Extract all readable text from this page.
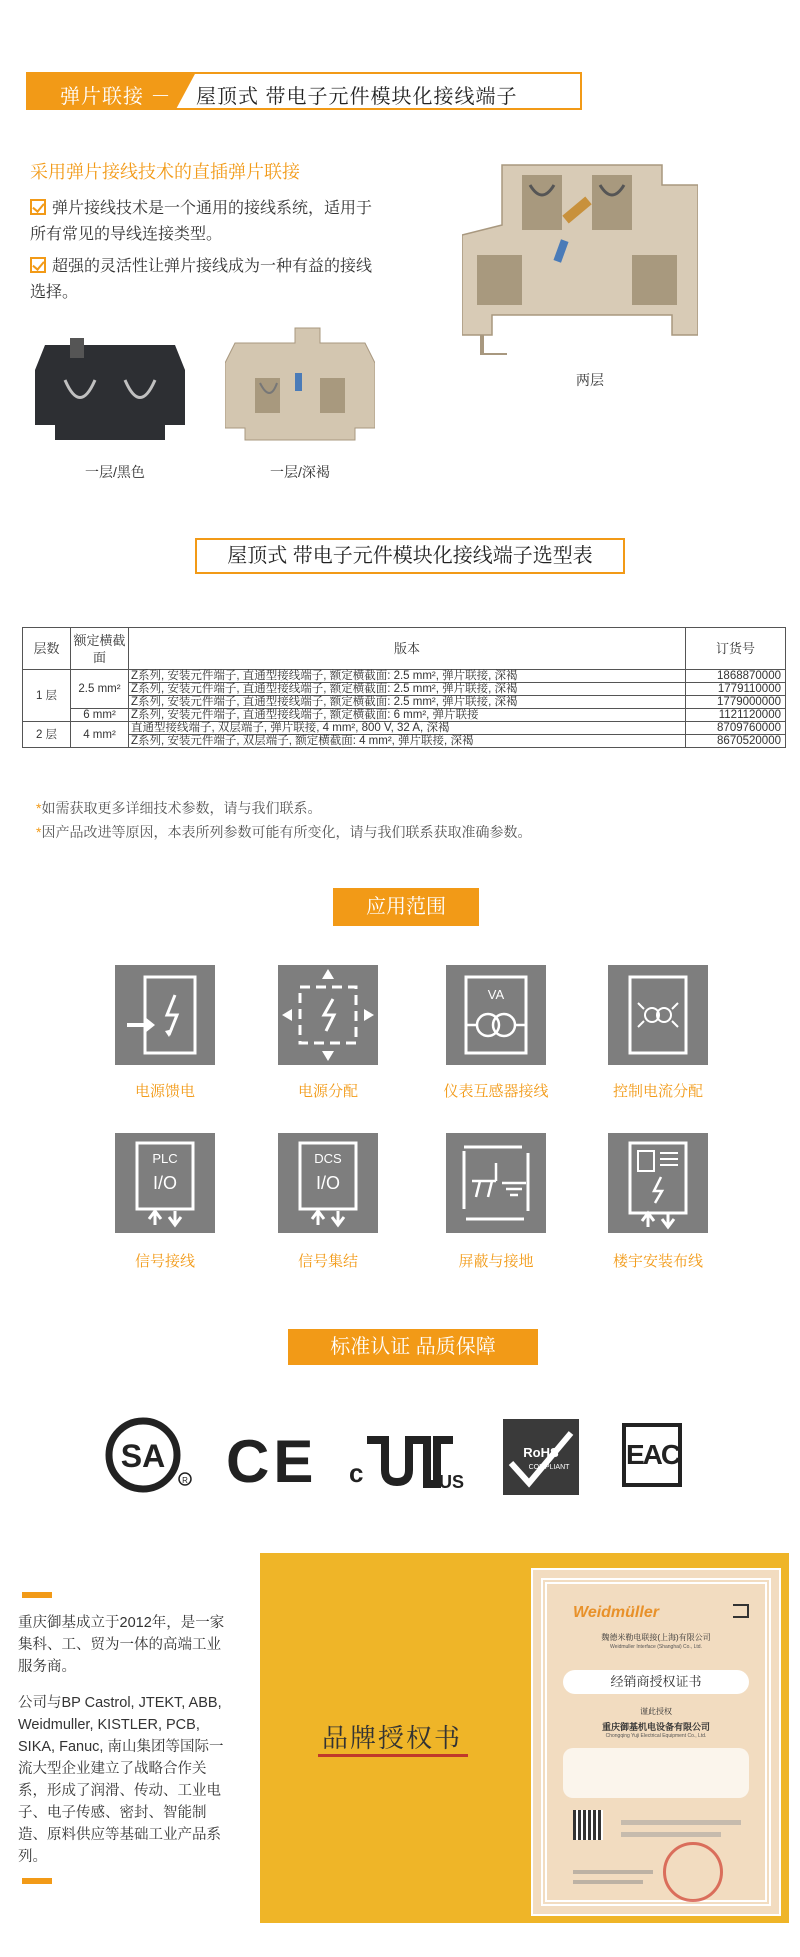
弹片联接 － 屋顶式 带电子元件模块化接线端子
采用弹片接线技术的直插弹片联接
弹片接线技术是一个通用的接线系统，适用于所有常见的导线连接类型。
超强的灵活性让弹片接线成为一种有益的接线选择。
两层
一层/黑色	一层/深褐
屋顶式 带电子元件模块化接线端子选型表
层数	额定横截面	版本	订货号
1 层	2.5 mm²	Z系列, 安装元件端子, 直通型接线端子, 额定横截面: 2.5 mm², 弹片联接, 深褐	1868870000
		Z系列, 安装元件端子, 直通型接线端子, 额定横截面: 2.5 mm², 弹片联接, 深褐	1779110000
		Z系列, 安装元件端子, 直通型接线端子, 额定横截面: 2.5 mm², 弹片联接, 深褐	1779000000
	6 mm²	Z系列, 安装元件端子, 直通型接线端子, 额定横截面: 6 mm², 弹片联接	1121120000
2 层	4 mm²	直通型接线端子, 双层端子, 弹片联接, 4 mm², 800 V, 32 A, 深褐	8709760000
		Z系列, 安装元件端子, 双层端子, 额定横截面: 4 mm², 弹片联接, 深褐	8670520000
*如需获取更多详细技术参数，请与我们联系。
*因产品改进等原因，本表所列参数可能有所变化，请与我们联系获取准确参数。
应用范围
VA
电源馈电	电源分配	仪表互感器接线	控制电流分配
PLC
I/O
DCS
I/O
信号接线	信号集结	屏蔽与接地	楼宇安装布线
标准认证 品质保障
SA
R CE c	US
RoHS
COMPLIANT EAC

重庆御基成立于2012年，是一家集科、工、贸为一体的高端工业服务商。

公司与BP Castrol, JTEKT, ABB, Weidmuller, KISTLER, PCB, SIKA, Fanuc, 南山集团等国际一流大型企业建立了战略合作关系，形成了润滑、传动、工业电子、电子传感、密封、智能制造、原料供应等基础工业产品系列。

品牌授权书
Weidmüller
魏德米勒电联接(上海)有限公司
Weidmuller Interface (Shanghai) Co., Ltd.
经销商授权证书
谨此授权
重庆御基机电设备有限公司
Chongqing Yuji Electrical Equipment Co., Ltd.
